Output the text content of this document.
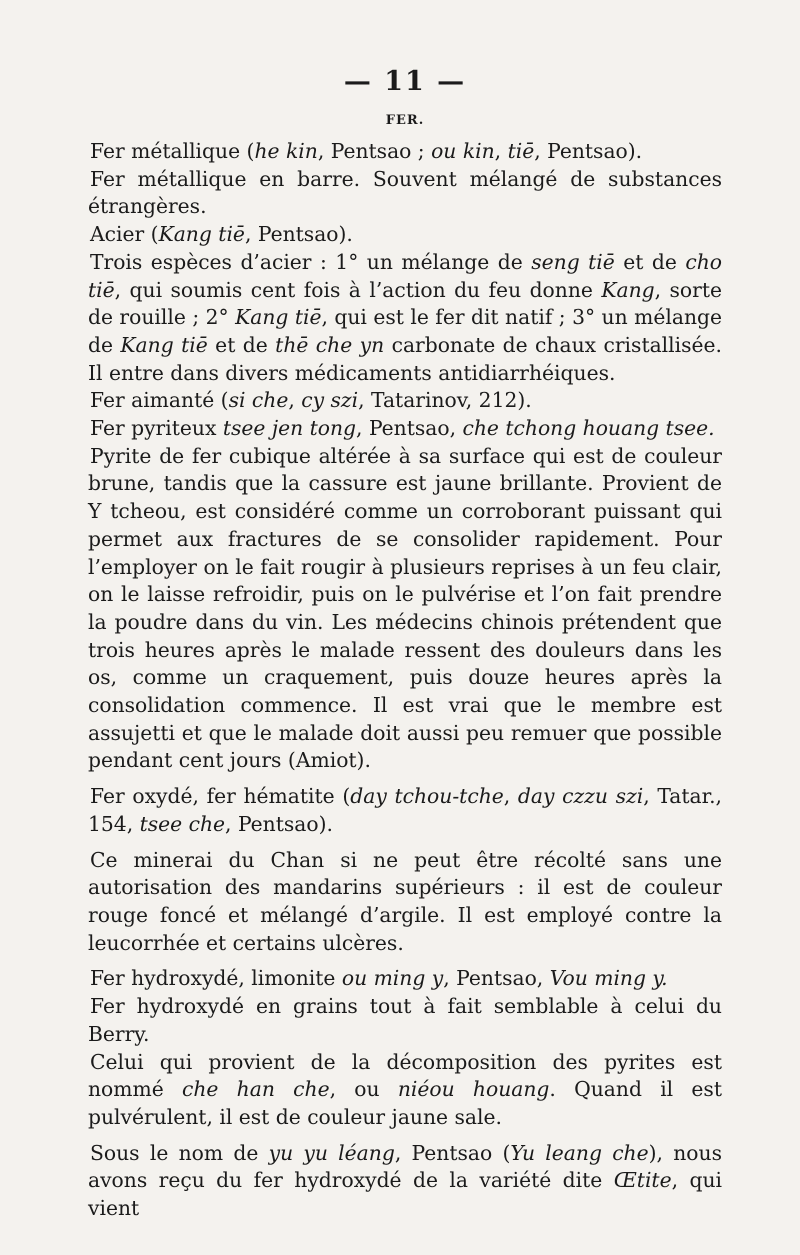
— 11 —
FER.

Fer métallique (he kin, Pentsao ; ou kin, tiē, Pentsao).

Fer métallique en barre. Souvent mélangé de substances étrangères.

Acier (Kang tiē, Pentsao).

Trois espèces d’acier : 1° un mélange de seng tiē et de cho tiē, qui soumis cent fois à l’action du feu donne Kang, sorte de rouille ; 2° Kang tiē, qui est le fer dit natif ; 3° un mélange de Kang tiē et de thē che yn carbonate de chaux cristallisée. Il entre dans divers médicaments antidiarrhéiques.

Fer aimanté (si che, cy szi, Tatarinov, 212).

Fer pyriteux tsee jen tong, Pentsao, che tchong houang tsee.

Pyrite de fer cubique altérée à sa surface qui est de couleur brune, tandis que la cassure est jaune brillante. Provient de Y tcheou, est considéré comme un corroborant puissant qui permet aux fractures de se consolider rapidement. Pour l’employer on le fait rougir à plusieurs reprises à un feu clair, on le laisse refroidir, puis on le pulvérise et l’on fait prendre la poudre dans du vin. Les médecins chinois prétendent que trois heures après le malade ressent des douleurs dans les os, comme un craquement, puis douze heures après la consolidation commence. Il est vrai que le membre est assujetti et que le malade doit aussi peu remuer que possible pendant cent jours (Amiot).

Fer oxydé, fer hématite (day tchou-tche, day czzu szi, Tatar., 154, tsee che, Pentsao).

Ce minerai du Chan si ne peut être récolté sans une autorisation des mandarins supérieurs : il est de couleur rouge foncé et mélangé d’argile. Il est employé contre la leucorrhée et certains ulcères.

Fer hydroxydé, limonite ou ming y, Pentsao, Vou ming y.

Fer hydroxydé en grains tout à fait semblable à celui du Berry.

Celui qui provient de la décomposition des pyrites est nommé che han che, ou niéou houang. Quand il est pulvérulent, il est de couleur jaune sale.

Sous le nom de yu yu léang, Pentsao (Yu leang che), nous avons reçu du fer hydroxydé de la variété dite Œtite, qui vient
